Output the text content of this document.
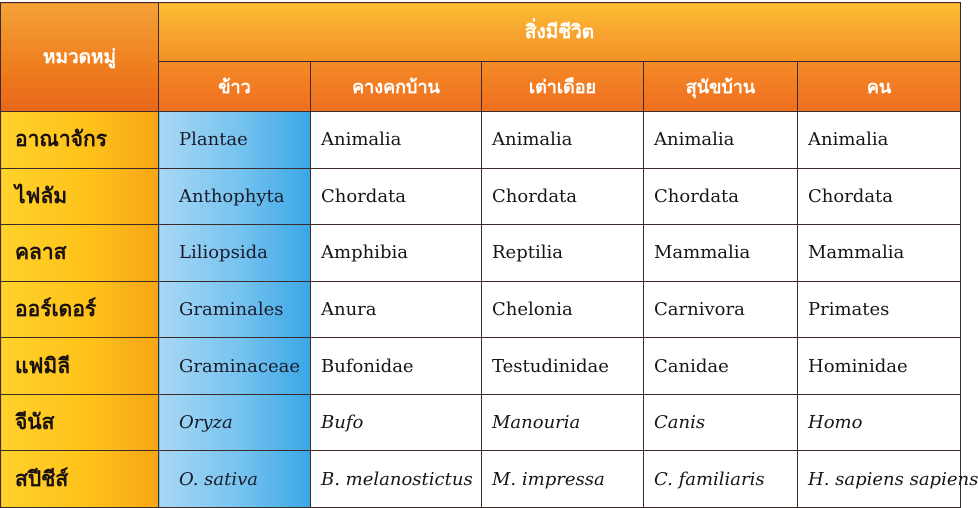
หมวดหมู่	สิ่งมีชีวิต				
	ข้าว	คางคกบ้าน	เต่าเดือย	สุนัขบ้าน	คน
อาณาจักร	Plantae	Animalia	Animalia	Animalia	Animalia
ไฟลัม	Anthophyta	Chordata	Chordata	Chordata	Chordata
คลาส	Liliopsida	Amphibia	Reptilia	Mammalia	Mammalia
ออร์เดอร์	Graminales	Anura	Chelonia	Carnivora	Primates
แฟมิลี	Graminaceae	Bufonidae	Testudinidae	Canidae	Hominidae
จีนัส	Oryza	Bufo	Manouria	Canis	Homo
สปีชีส์	O. sativa	B. melanostictus	M. impressa	C. familiaris	H. sapiens sapiens
